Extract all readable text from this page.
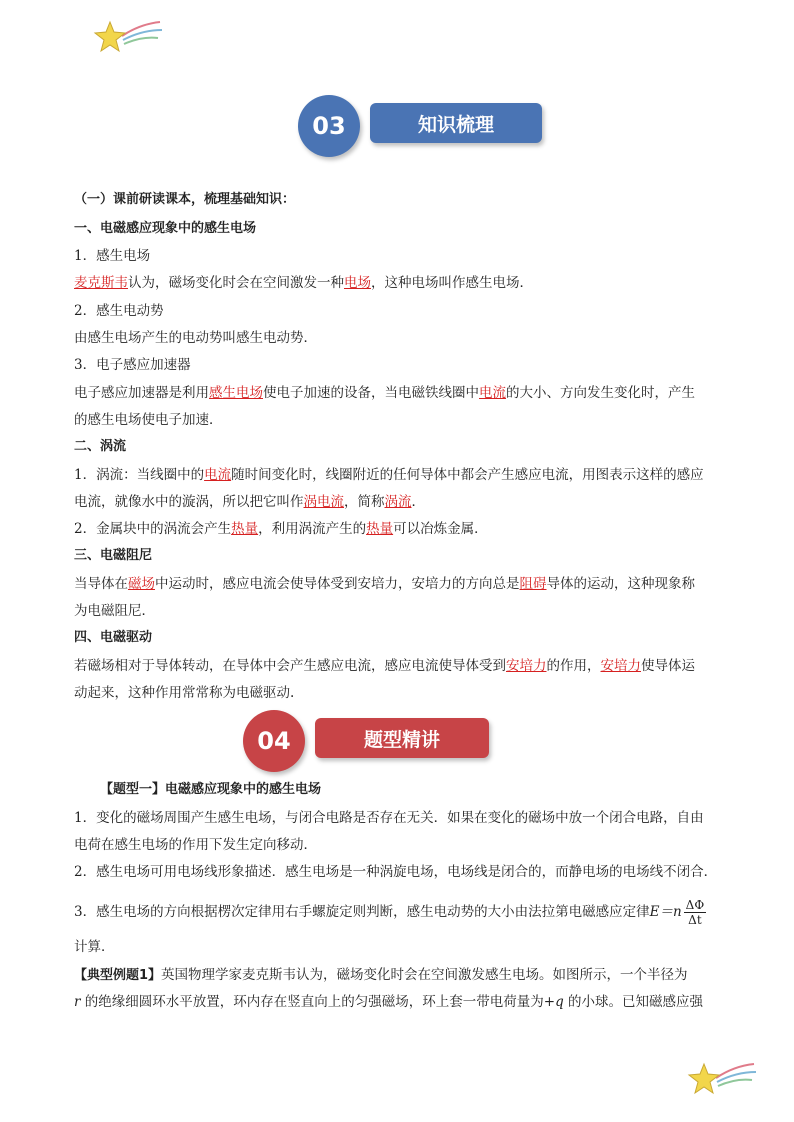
03	知识梳理
（一）课前研读课本，梳理基础知识：
一、电磁感应现象中的感生电场
1．感生电场
麦克斯韦认为，磁场变化时会在空间激发一种电场，这种电场叫作感生电场．
2．感生电动势
由感生电场产生的电动势叫感生电动势．
3．电子感应加速器
电子感应加速器是利用感生电场使电子加速的设备，当电磁铁线圈中电流的大小、方向发生变化时，产生
的感生电场使电子加速．
二、涡流
1．涡流：当线圈中的电流随时间变化时，线圈附近的任何导体中都会产生感应电流，用图表示这样的感应
电流，就像水中的漩涡，所以把它叫作涡电流，简称涡流．
2．金属块中的涡流会产生热量，利用涡流产生的热量可以冶炼金属．
三、电磁阻尼
当导体在磁场中运动时，感应电流会使导体受到安培力，安培力的方向总是阻碍导体的运动，这种现象称
为电磁阻尼．
四、电磁驱动
若磁场相对于导体转动，在导体中会产生感应电流，感应电流使导体受到安培力的作用，安培力使导体运
动起来，这种作用常常称为电磁驱动.
04	题型精讲
【题型一】电磁感应现象中的感生电场
1．变化的磁场周围产生感生电场，与闭合电路是否存在无关．如果在变化的磁场中放一个闭合电路，自由
电荷在感生电场的作用下发生定向移动．
2．感生电场可用电场线形象描述．感生电场是一种涡旋电场，电场线是闭合的，而静电场的电场线不闭合．
3．感生电场的方向根据楞次定律用右手螺旋定则判断，感生电动势的大小由法拉第电磁感应定律$E=n \frac{\Delta\Phi}{\Delta t}$
计算．
【典型例题1】英国物理学家麦克斯韦认为，磁场变化时会在空间激发感生电场。如图所示，一个半径为
r 的绝缘细圆环水平放置，环内存在竖直向上的匀强磁场，环上套一带电荷量为+q 的小球。已知磁感应强
